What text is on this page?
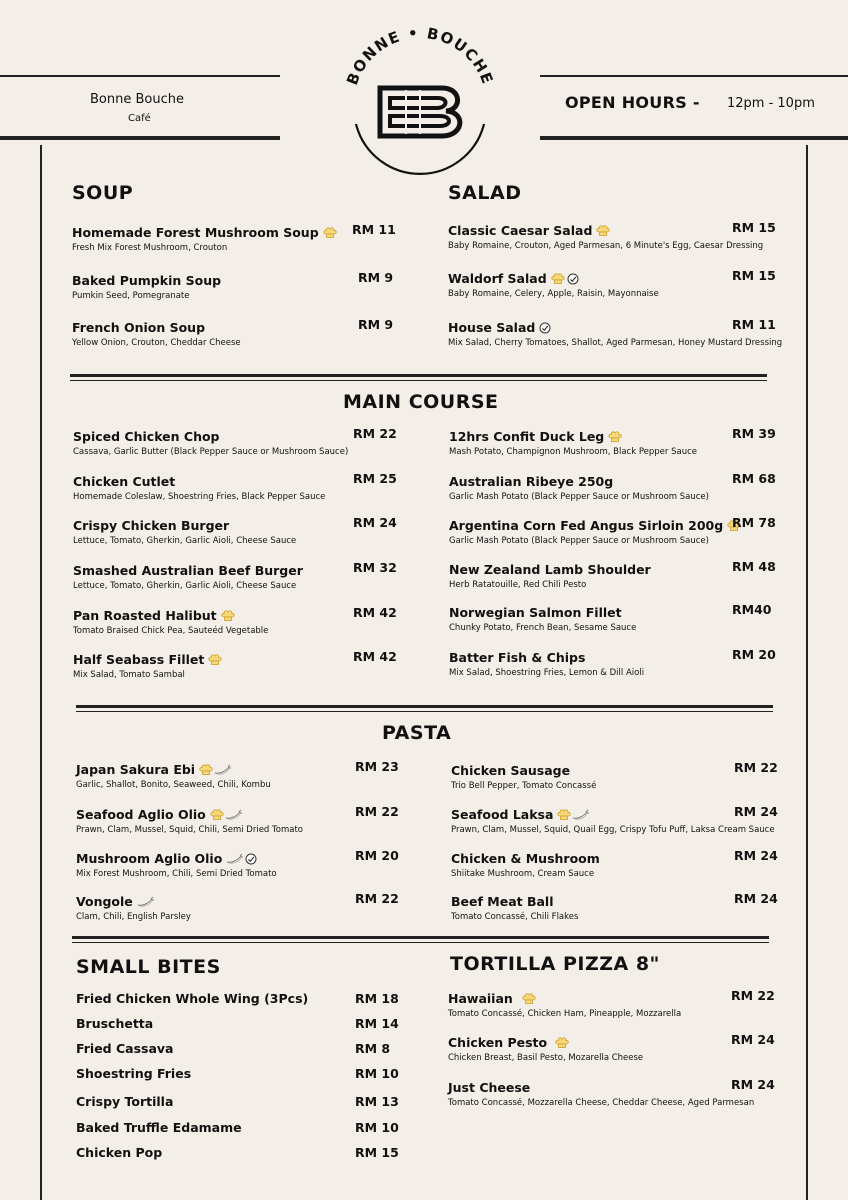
Bonne Bouche
Café
BONNE • BOUCHE
OPEN HOURS - 12pm - 10pm
SOUP
Homemade Forest Mushroom Soup
Fresh Mix Forest Mushroom, Crouton
RM 11
Baked Pumpkin Soup
Pumkin Seed, Pomegranate
RM 9
French Onion Soup
Yellow Onion, Crouton, Cheddar Cheese
RM 9
SALAD
Classic Caesar Salad
Baby Romaine, Crouton, Aged Parmesan, 6 Minute's Egg, Caesar Dressing
RM 15
Waldorf Salad
Baby Romaine, Celery, Apple, Raisin, Mayonnaise
RM 15
House Salad
Mix Salad, Cherry Tomatoes, Shallot, Aged Parmesan, Honey Mustard Dressing
RM 11
MAIN COURSE
Spiced Chicken Chop
Cassava, Garlic Butter (Black Pepper Sauce or Mushroom Sauce)
RM 22
Chicken Cutlet
Homemade Coleslaw, Shoestring Fries, Black Pepper Sauce
RM 25
Crispy Chicken Burger
Lettuce, Tomato, Gherkin, Garlic Aioli, Cheese Sauce
RM 24
Smashed Australian Beef Burger
Lettuce, Tomato, Gherkin, Garlic Aioli, Cheese Sauce
RM 32
Pan Roasted Halibut
Tomato Braised Chick Pea, Sauteéd Vegetable
RM 42
Half Seabass Fillet
Mix Salad, Tomato Sambal
RM 42
12hrs Confit Duck Leg
Mash Potato, Champignon Mushroom, Black Pepper Sauce
RM 39
Australian Ribeye 250g
Garlic Mash Potato (Black Pepper Sauce or Mushroom Sauce)
RM 68
Argentina Corn Fed Angus Sirloin 200g
Garlic Mash Potato (Black Pepper Sauce or Mushroom Sauce)
RM 78
New Zealand Lamb Shoulder
Herb Ratatouille, Red Chili Pesto
RM 48
Norwegian Salmon Fillet
Chunky Potato, French Bean, Sesame Sauce
RM40
Batter Fish & Chips
Mix Salad, Shoestring Fries, Lemon & Dill Aioli
RM 20
PASTA
Japan Sakura Ebi
Garlic, Shallot, Bonito, Seaweed, Chili, Kombu
RM 23
Seafood Aglio Olio
Prawn, Clam, Mussel, Squid, Chili, Semi Dried Tomato
RM 22
Mushroom Aglio Olio
Mix Forest Mushroom, Chili, Semi Dried Tomato
RM 20
Vongole
Clam, Chili, English Parsley
RM 22
Chicken Sausage
Trio Bell Pepper, Tomato Concassé
RM 22
Seafood Laksa
Prawn, Clam, Mussel, Squid, Quail Egg, Crispy Tofu Puff, Laksa Cream Sauce
RM 24
Chicken & Mushroom
Shiitake Mushroom, Cream Sauce
RM 24
Beef Meat Ball
Tomato Concassé, Chili Flakes
RM 24
SMALL BITES
Fried Chicken Whole Wing (3Pcs)	RM 18
Bruschetta	RM 14
Fried Cassava	RM 8
Shoestring Fries	RM 10
Crispy Tortilla	RM 13
Baked Truffle Edamame	RM 10
Chicken Pop	RM 15
TORTILLA PIZZA 8"
Hawaiian
Tomato Concassé, Chicken Ham, Pineapple, Mozzarella
RM 22
Chicken Pesto
Chicken Breast, Basil Pesto, Mozarella Cheese
RM 24
Just Cheese
Tomato Concassé, Mozzarella Cheese, Cheddar Cheese, Aged Parmesan
RM 24
